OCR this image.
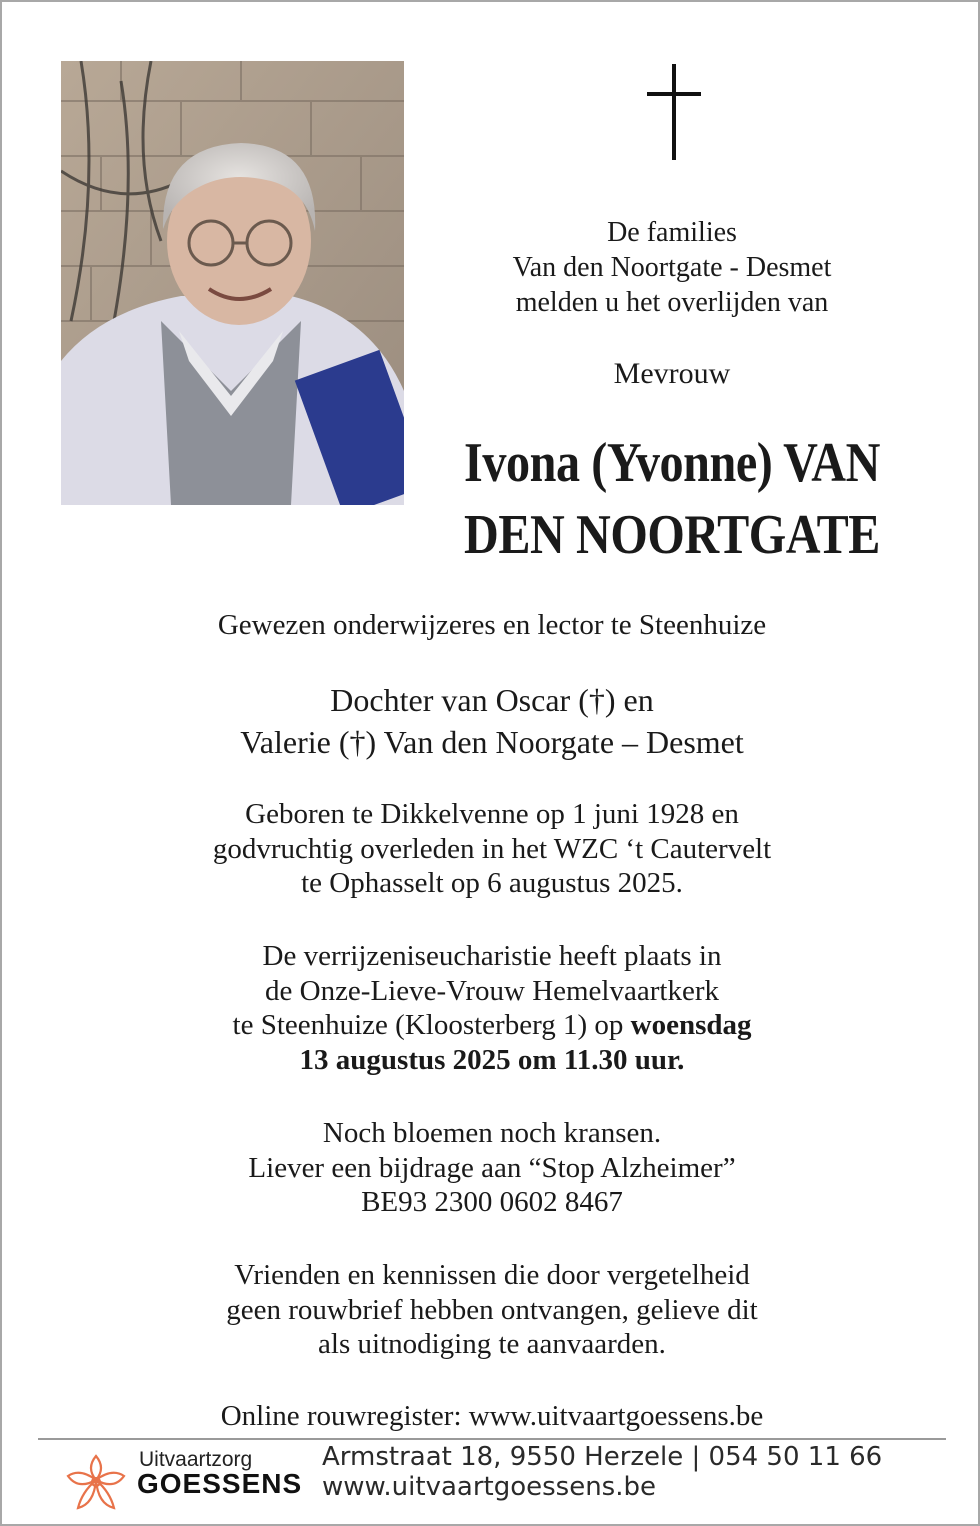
De families
Van den Noortgate - Desmet
melden u het overlijden van
Mevrouw
Ivona (Yvonne) VAN
DEN NOORTGATE

Gewezen onderwijzeres en lector te Steenhuize

Dochter van Oscar (†) en

Valerie (†) Van den Noorgate – Desmet

Geboren te Dikkelvenne op 1 juni 1928 en

godvruchtig overleden in het WZC ‘t Cautervelt

te Ophasselt op 6 augustus 2025.

De verrijzeniseucharistie heeft plaats in

de Onze-Lieve-Vrouw Hemelvaartkerk

te Steenhuize (Kloosterberg 1) op woensdag

13 augustus 2025 om 11.30 uur.

Noch bloemen noch kransen.

Liever een bijdrage aan “Stop Alzheimer”

BE93 2300 0602 8467

Vrienden en kennissen die door vergetelheid

geen rouwbrief hebben ontvangen, gelieve dit

als uitnodiging te aanvaarden.

Online rouwregister: www.uitvaartgoessens.be

Uitvaartzorg
GOESSENS

Armstraat 18, 9550 Herzele | 054 50 11 66

www.uitvaartgoessens.be
